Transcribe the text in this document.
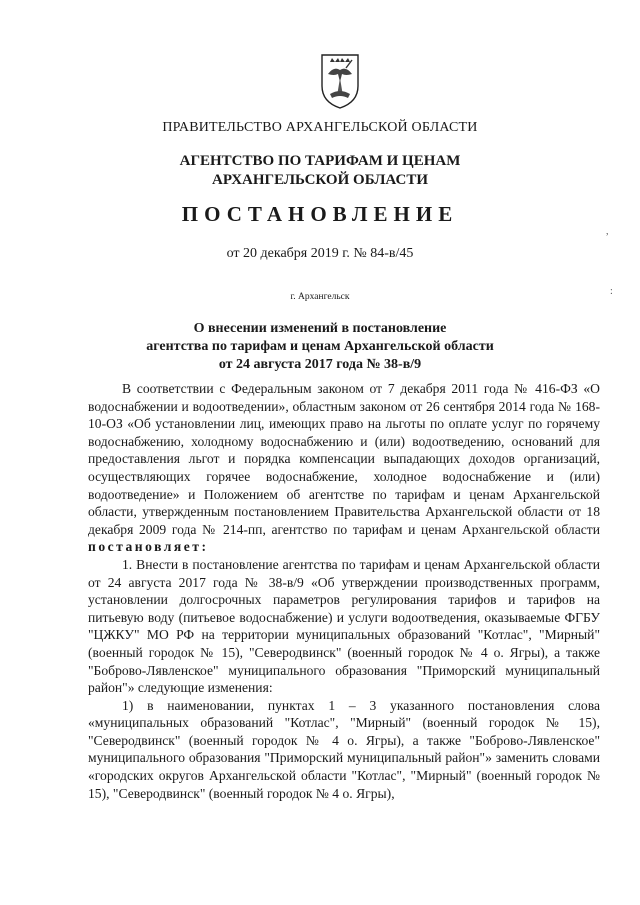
ПРАВИТЕЛЬСТВО АРХАНГЕЛЬСКОЙ ОБЛАСТИ
АГЕНТСТВО ПО ТАРИФАМ И ЦЕНАМ
АРХАНГЕЛЬСКОЙ ОБЛАСТИ
ПОСТАНОВЛЕНИЕ
от 20 декабря 2019 г. № 84-в/45
г. Архангельск
О внесении изменений в постановление
агентства по тарифам и ценам Архангельской области
от 24 августа 2017 года № 38-в/9

В соответствии с Федеральным законом от 7 декабря 2011 года № 416-ФЗ «О водоснабжении и водоотведении», областным законом от 26 сентября 2014 года № 168-10-ОЗ «Об установлении лиц, имеющих право на льготы по оплате услуг по горячему водоснабжению, холодному водоснабжению и (или) водоотведению, оснований для предоставления льгот и порядка компенсации выпадающих доходов организаций, осуществляющих горячее водоснабжение, холодное водоснабжение и (или) водоотведение» и Положением об агентстве по тарифам и ценам Архангельской области, утвержденным постановлением Правительства Архангельской области от 18 декабря 2009 года № 214-пп, агентство по тарифам и ценам Архангельской области постановляет:

1. Внести в постановление агентства по тарифам и ценам Архангельской области от 24 августа 2017 года № 38-в/9 «Об утверждении производственных программ, установлении долгосрочных параметров регулирования тарифов и тарифов на питьевую воду (питьевое водоснабжение) и услуги водоотведения, оказываемые ФГБУ "ЦЖКУ" МО РФ на территории муниципальных образований "Котлас", "Мирный" (военный городок № 15), "Северодвинск" (военный городок № 4 о. Ягры), а также "Боброво-Лявленское" муниципального образования "Приморский муниципальный район"» следующие изменения:

1) в наименовании, пунктах 1 – 3 указанного постановления слова «муниципальных образований "Котлас", "Мирный" (военный городок № 15), "Северодвинск" (военный городок № 4 о. Ягры), а также "Боброво-Лявленское" муниципального образования "Приморский муниципальный район"» заменить словами «городских округов Архангельской области "Котлас", "Мирный" (военный городок № 15), "Северодвинск" (военный городок № 4 о. Ягры),

,
:
